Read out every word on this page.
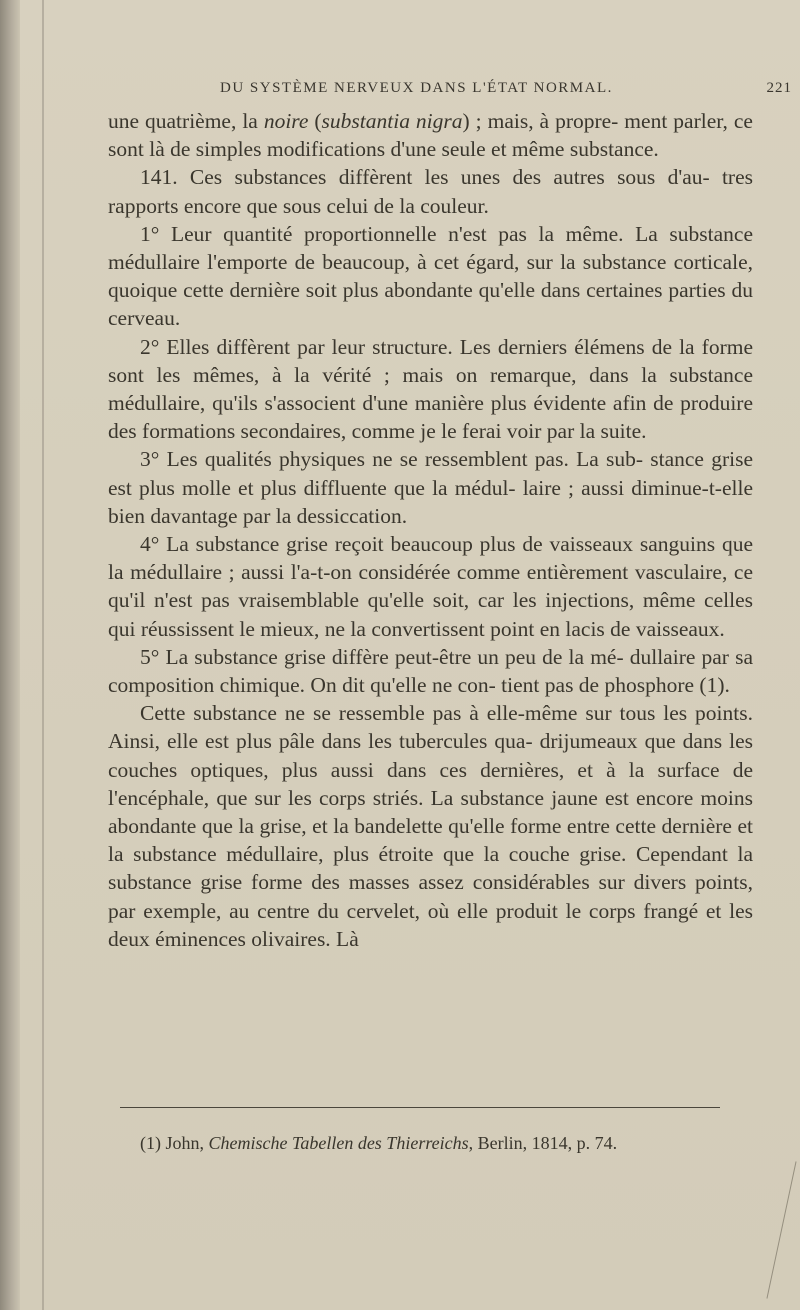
DU SYSTÈME NERVEUX DANS L'ÉTAT NORMAL.	221

une quatrième, la noire (substantia nigra) ; mais, à propre- ment parler, ce sont là de simples modifications d'une seule et même substance.

141. Ces substances diffèrent les unes des autres sous d'au- tres rapports encore que sous celui de la couleur.

1° Leur quantité proportionnelle n'est pas la même. La substance médullaire l'emporte de beaucoup, à cet égard, sur la substance corticale, quoique cette dernière soit plus abondante qu'elle dans certaines parties du cerveau.

2° Elles diffèrent par leur structure. Les derniers élémens de la forme sont les mêmes, à la vérité ; mais on remarque, dans la substance médullaire, qu'ils s'associent d'une manière plus évidente afin de produire des formations secondaires, comme je le ferai voir par la suite.

3° Les qualités physiques ne se ressemblent pas. La sub- stance grise est plus molle et plus diffluente que la médul- laire ; aussi diminue-t-elle bien davantage par la dessiccation.

4° La substance grise reçoit beaucoup plus de vaisseaux sanguins que la médullaire ; aussi l'a-t-on considérée comme entièrement vasculaire, ce qu'il n'est pas vraisemblable qu'elle soit, car les injections, même celles qui réussissent le mieux, ne la convertissent point en lacis de vaisseaux.

5° La substance grise diffère peut-être un peu de la mé- dullaire par sa composition chimique. On dit qu'elle ne con- tient pas de phosphore (1).

Cette substance ne se ressemble pas à elle-même sur tous les points. Ainsi, elle est plus pâle dans les tubercules qua- drijumeaux que dans les couches optiques, plus aussi dans ces dernières, et à la surface de l'encéphale, que sur les corps striés. La substance jaune est encore moins abondante que la grise, et la bandelette qu'elle forme entre cette dernière et la substance médullaire, plus étroite que la couche grise. Cependant la substance grise forme des masses assez considérables sur divers points, par exemple, au centre du cervelet, où elle produit le corps frangé et les deux éminences olivaires. Là

(1) John, Chemische Tabellen des Thierreichs, Berlin, 1814, p. 74.
